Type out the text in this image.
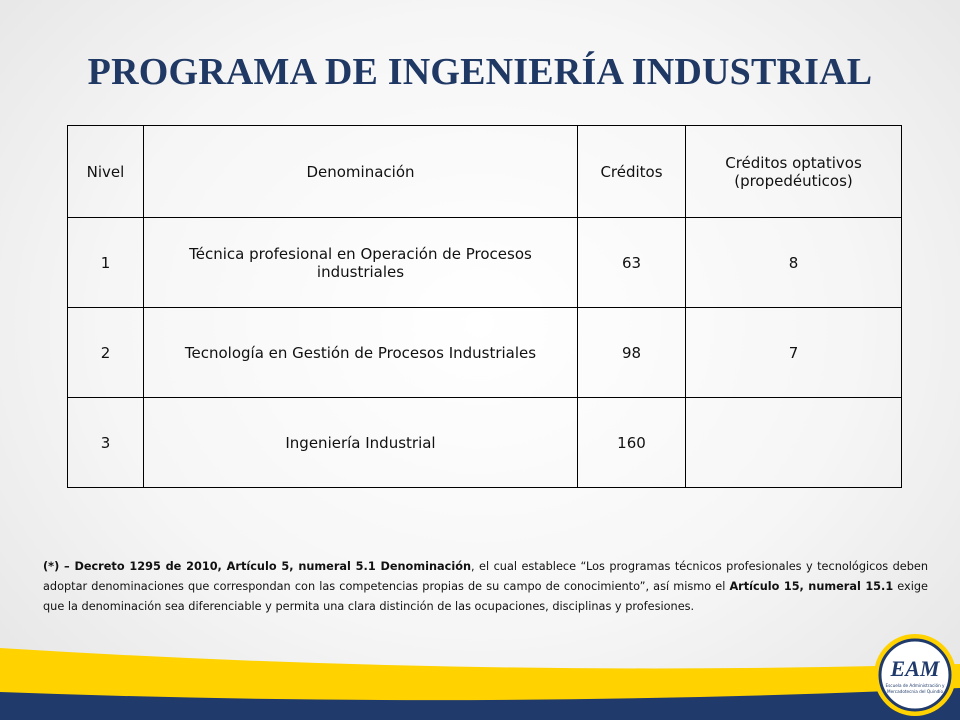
PROGRAMA DE INGENIERÍA INDUSTRIAL
Nivel	Denominación	Créditos	Créditos optativos (propedéuticos)
1	Técnica profesional en Operación de Procesos industriales	63	8
2	Tecnología en Gestión de Procesos Industriales	98	7
3	Ingeniería Industrial	160	

(*) – Decreto 1295 de 2010, Artículo 5, numeral 5.1 Denominación, el cual establece “Los programas técnicos profesionales y tecnológicos deben adoptar denominaciones que correspondan con las competencias propias de su campo de conocimiento”, así mismo el Artículo 15, numeral 15.1 exige que la denominación sea diferenciable y permita una clara distinción de las ocupaciones, disciplinas y profesiones.

EAM
Escuela de Administración y
Mercadotecnia del Quindío
